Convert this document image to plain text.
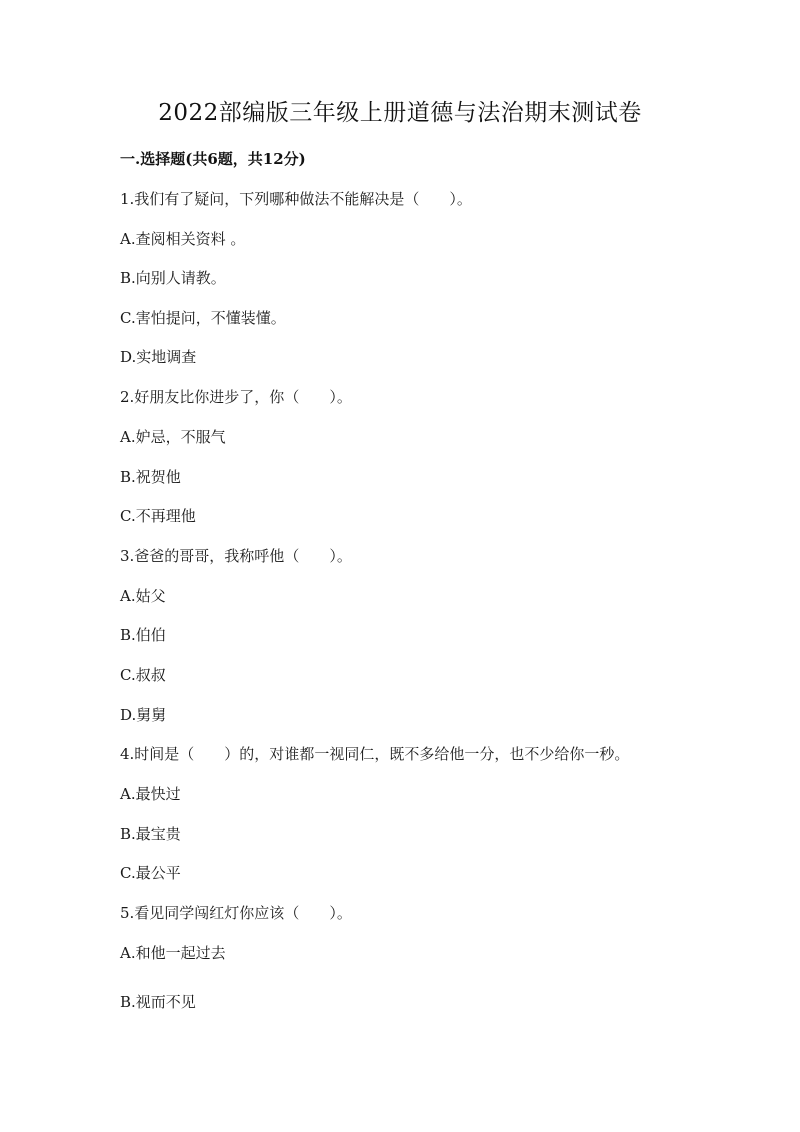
2022部编版三年级上册道德与法治期末测试卷
一.选择题(共6题，共12分)
1.我们有了疑问，下列哪种做法不能解决是（　　）。
A.查阅相关资料 。
B.向别人请教。
C.害怕提问，不懂装懂。
D.实地调查
2.好朋友比你进步了，你（　　）。
A.妒忌，不服气
B.祝贺他
C.不再理他
3.爸爸的哥哥，我称呼他（　　）。
A.姑父
B.伯伯
C.叔叔
D.舅舅
4.时间是（　　）的，对谁都一视同仁，既不多给他一分，也不少给你一秒。
A.最快过
B.最宝贵
C.最公平
5.看见同学闯红灯你应该（　　）。
A.和他一起过去
B.视而不见
